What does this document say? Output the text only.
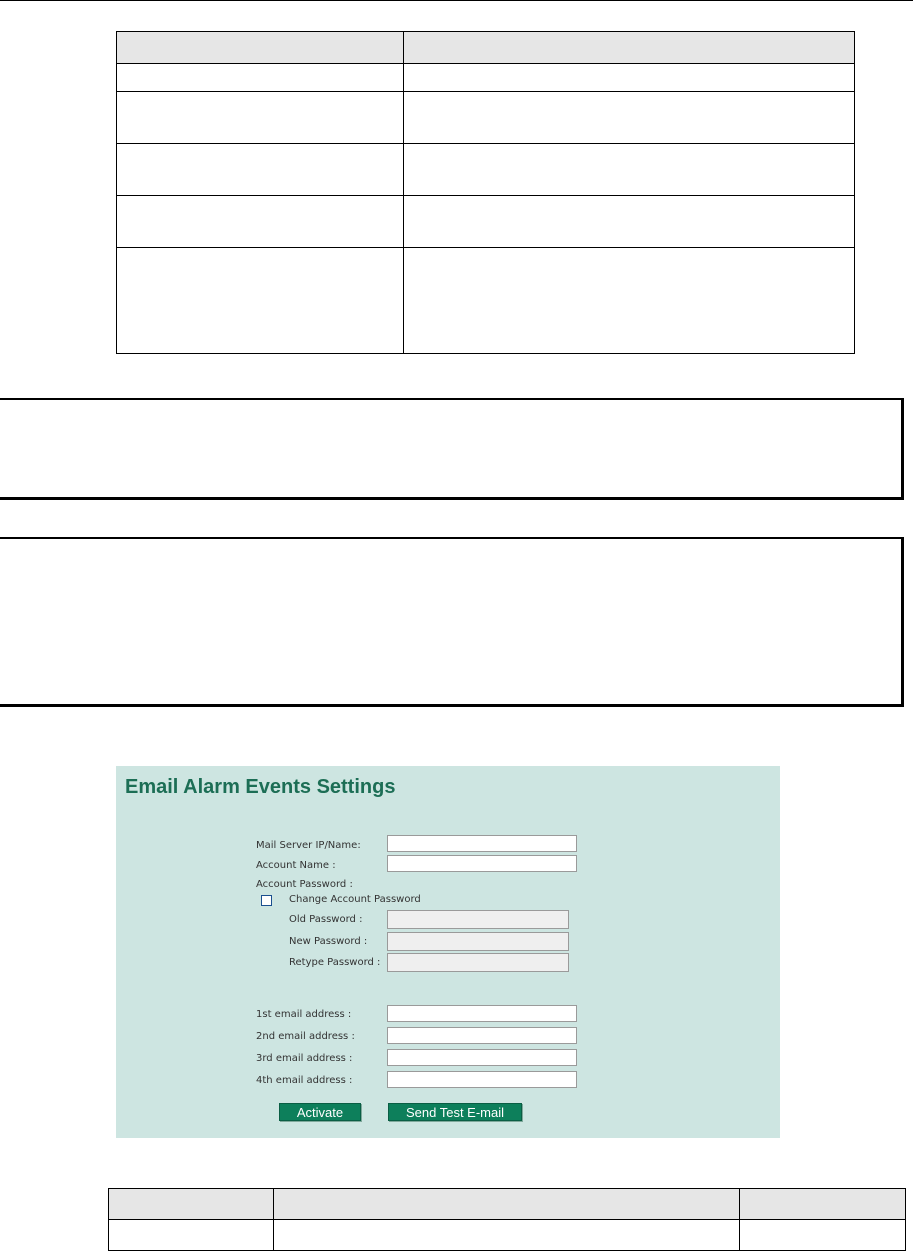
Email Alarm Events Settings
Mail Server IP/Name:
Account Name :
Account Password :
Change Account Password
Old Password :
New Password :
Retype Password :
1st email address :
2nd email address :
3rd email address :
4th email address :
Activate	Send Test E-mail
